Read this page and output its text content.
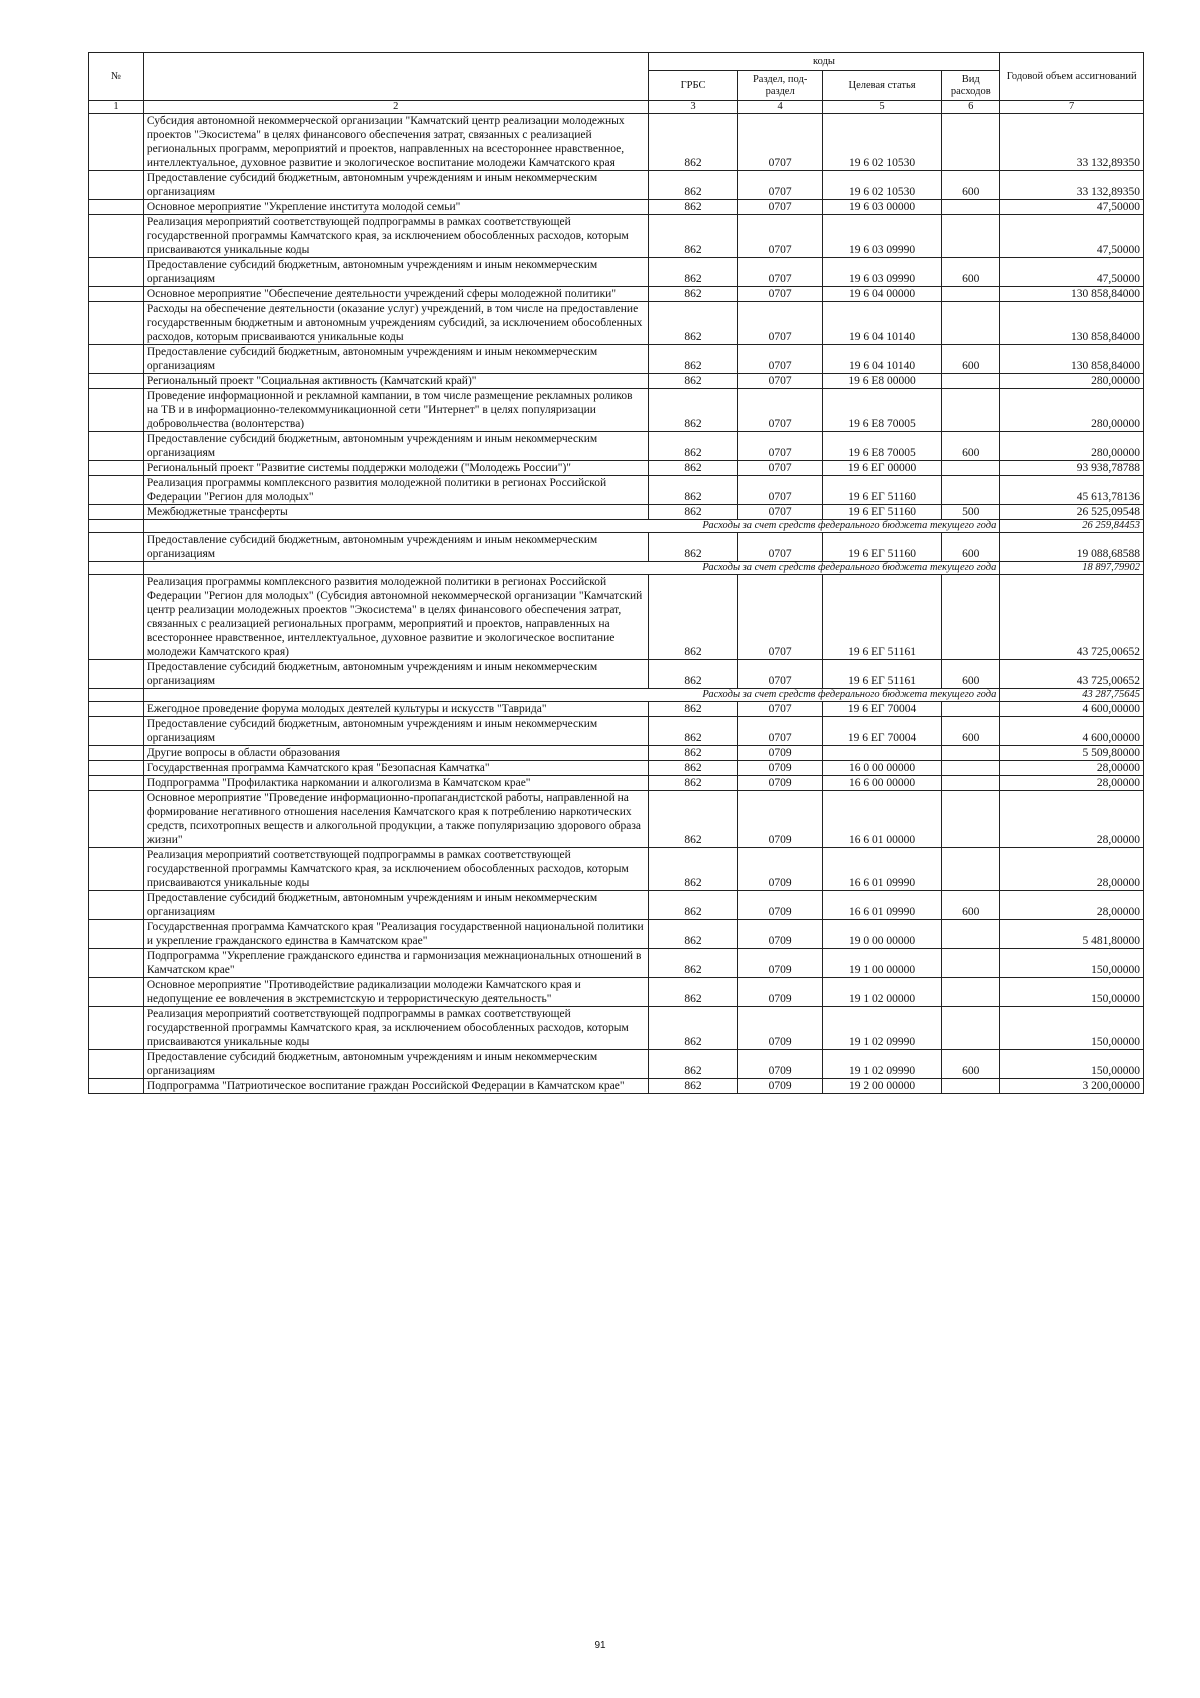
№		коды				Годовой объем ассигнований
		ГРБС	Раздел, под-раздел	Целевая статья	Вид расходов	
1	2	3	4	5	6	7
	Субсидия автономной некоммерческой организации "Камчатский центр реализации молодежных проектов "Экосистема" в целях финансового обеспечения затрат, связанных с реализацией региональных программ, мероприятий и проектов, направленных на всестороннее нравственное, интеллектуальное, духовное развитие и экологическое воспитание молодежи Камчатского края	862	0707	19 6 02 10530		33 132,89350
	Предоставление субсидий бюджетным, автономным учреждениям и иным некоммерческим организациям	862	0707	19 6 02 10530	600	33 132,89350
	Основное мероприятие "Укрепление института молодой семьи"	862	0707	19 6 03 00000		47,50000
	Реализация мероприятий соответствующей подпрограммы в рамках соответствующей государственной программы Камчатского края, за исключением обособленных расходов, которым присваиваются уникальные коды	862	0707	19 6 03 09990		47,50000
	Предоставление субсидий бюджетным, автономным учреждениям и иным некоммерческим организациям	862	0707	19 6 03 09990	600	47,50000
	Основное мероприятие "Обеспечение деятельности учреждений сферы молодежной политики"	862	0707	19 6 04 00000		130 858,84000
	Расходы на обеспечение деятельности (оказание услуг) учреждений, в том числе на предоставление государственным бюджетным и автономным учреждениям субсидий, за исключением обособленных расходов, которым присваиваются уникальные коды	862	0707	19 6 04 10140		130 858,84000
	Предоставление субсидий бюджетным, автономным учреждениям и иным некоммерческим организациям	862	0707	19 6 04 10140	600	130 858,84000
	Региональный проект "Социальная активность (Камчатский край)"	862	0707	19 6 E8 00000		280,00000
	Проведение информационной и рекламной кампании, в том числе размещение рекламных роликов на ТВ и в информационно-телекоммуникационной сети "Интернет" в целях популяризации добровольчества (волонтерства)	862	0707	19 6 E8 70005		280,00000
	Предоставление субсидий бюджетным, автономным учреждениям и иным некоммерческим организациям	862	0707	19 6 E8 70005	600	280,00000
	Региональный проект "Развитие системы поддержки молодежи ("Молодежь России")"	862	0707	19 6 ЕГ 00000		93 938,78788
	Реализация программы комплексного развития молодежной политики в регионах Российской Федерации "Регион для молодых"	862	0707	19 6 ЕГ 51160		45 613,78136
	Межбюджетные трансферты	862	0707	19 6 ЕГ 51160	500	26 525,09548
	Расходы за счет средств федерального бюджета текущего года					26 259,84453
	Предоставление субсидий бюджетным, автономным учреждениям и иным некоммерческим организациям	862	0707	19 6 ЕГ 51160	600	19 088,68588
	Расходы за счет средств федерального бюджета текущего года					18 897,79902
	Реализация программы комплексного развития молодежной политики в регионах Российской Федерации "Регион для молодых" (Субсидия автономной некоммерческой организации "Камчатский центр реализации молодежных проектов "Экосистема" в целях финансового обеспечения затрат, связанных с реализацией региональных программ, мероприятий и проектов, направленных на всестороннее нравственное, интеллектуальное, духовное развитие и экологическое воспитание молодежи Камчатского края)	862	0707	19 6 ЕГ 51161		43 725,00652
	Предоставление субсидий бюджетным, автономным учреждениям и иным некоммерческим организациям	862	0707	19 6 ЕГ 51161	600	43 725,00652
	Расходы за счет средств федерального бюджета текущего года					43 287,75645
	Ежегодное проведение форума молодых деятелей культуры и искусств "Таврида"	862	0707	19 6 ЕГ 70004		4 600,00000
	Предоставление субсидий бюджетным, автономным учреждениям и иным некоммерческим организациям	862	0707	19 6 ЕГ 70004	600	4 600,00000
	Другие вопросы в области образования	862	0709			5 509,80000
	Государственная программа Камчатского края "Безопасная Камчатка"	862	0709	16 0 00 00000		28,00000
	Подпрограмма "Профилактика наркомании и алкоголизма в Камчатском крае"	862	0709	16 6 00 00000		28,00000
	Основное мероприятие "Проведение информационно-пропагандистской работы, направленной на формирование негативного отношения населения Камчатского края к потреблению наркотических средств, психотропных веществ и алкогольной продукции, а также популяризацию здорового образа жизни"	862	0709	16 6 01 00000		28,00000
	Реализация мероприятий соответствующей подпрограммы в рамках соответствующей государственной программы Камчатского края, за исключением обособленных расходов, которым присваиваются уникальные коды	862	0709	16 6 01 09990		28,00000
	Предоставление субсидий бюджетным, автономным учреждениям и иным некоммерческим организациям	862	0709	16 6 01 09990	600	28,00000
	Государственная программа Камчатского края "Реализация государственной национальной политики и укрепление гражданского единства в Камчатском крае"	862	0709	19 0 00 00000		5 481,80000
	Подпрограмма "Укрепление гражданского единства и гармонизация межнациональных отношений в Камчатском крае"	862	0709	19 1 00 00000		150,00000
	Основное мероприятие "Противодействие радикализации молодежи Камчатского края и недопущение ее вовлечения в экстремистскую и террористическую деятельность"	862	0709	19 1 02 00000		150,00000
	Реализация мероприятий соответствующей подпрограммы в рамках соответствующей государственной программы Камчатского края, за исключением обособленных расходов, которым присваиваются уникальные коды	862	0709	19 1 02 09990		150,00000
	Предоставление субсидий бюджетным, автономным учреждениям и иным некоммерческим организациям	862	0709	19 1 02 09990	600	150,00000
	Подпрограмма "Патриотическое воспитание граждан Российской Федерации в Камчатском крае"	862	0709	19 2 00 00000		3 200,00000
91
